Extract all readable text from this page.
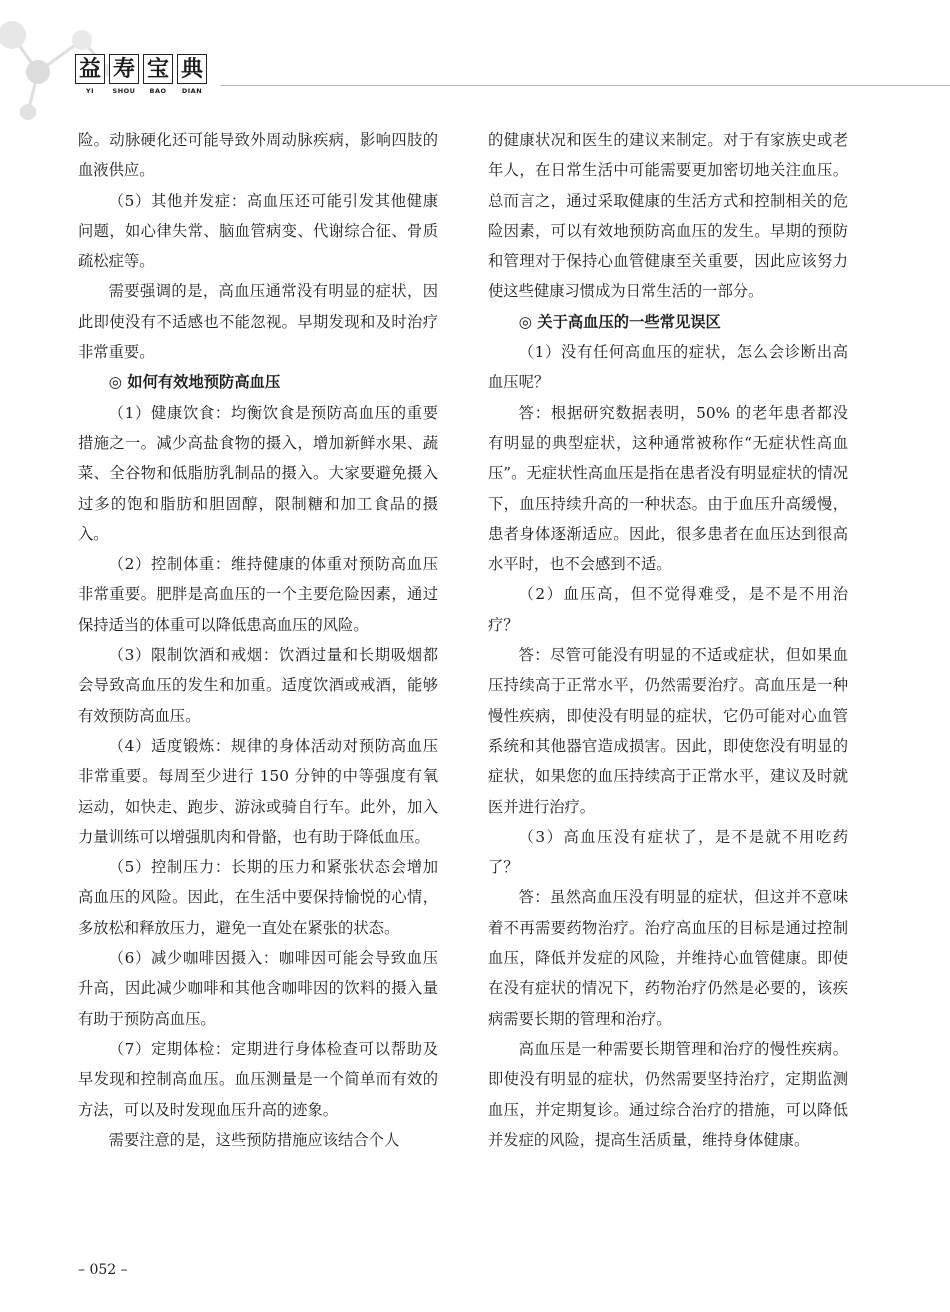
益 寿 宝 典
YI	SHOU	BAO	DIAN

险。动脉硬化还可能导致外周动脉疾病，影响四肢的血液供应。

（5）其他并发症：高血压还可能引发其他健康问题，如心律失常、脑血管病变、代谢综合征、骨质疏松症等。

需要强调的是，高血压通常没有明显的症状，因此即使没有不适感也不能忽视。早期发现和及时治疗非常重要。

◎ 如何有效地预防高血压

（1）健康饮食：均衡饮食是预防高血压的重要措施之一。减少高盐食物的摄入，增加新鲜水果、蔬菜、全谷物和低脂肪乳制品的摄入。大家要避免摄入过多的饱和脂肪和胆固醇，限制糖和加工食品的摄入。

（2）控制体重：维持健康的体重对预防高血压非常重要。肥胖是高血压的一个主要危险因素，通过保持适当的体重可以降低患高血压的风险。

（3）限制饮酒和戒烟：饮酒过量和长期吸烟都会导致高血压的发生和加重。适度饮酒或戒酒，能够有效预防高血压。

（4）适度锻炼：规律的身体活动对预防高血压非常重要。每周至少进行 150 分钟的中等强度有氧运动，如快走、跑步、游泳或骑自行车。此外，加入力量训练可以增强肌肉和骨骼，也有助于降低血压。

（5）控制压力：长期的压力和紧张状态会增加高血压的风险。因此，在生活中要保持愉悦的心情，多放松和释放压力，避免一直处在紧张的状态。

（6）减少咖啡因摄入：咖啡因可能会导致血压升高，因此减少咖啡和其他含咖啡因的饮料的摄入量有助于预防高血压。

（7）定期体检：定期进行身体检查可以帮助及早发现和控制高血压。血压测量是一个简单而有效的方法，可以及时发现血压升高的迹象。

需要注意的是，这些预防措施应该结合个人

的健康状况和医生的建议来制定。对于有家族史或老年人，在日常生活中可能需要更加密切地关注血压。总而言之，通过采取健康的生活方式和控制相关的危险因素，可以有效地预防高血压的发生。早期的预防和管理对于保持心血管健康至关重要，因此应该努力使这些健康习惯成为日常生活的一部分。

◎ 关于高血压的一些常见误区

（1）没有任何高血压的症状，怎么会诊断出高血压呢？

答：根据研究数据表明，50% 的老年患者都没有明显的典型症状，这种通常被称作“无症状性高血压”。无症状性高血压是指在患者没有明显症状的情况下，血压持续升高的一种状态。由于血压升高缓慢，患者身体逐渐适应。因此，很多患者在血压达到很高水平时，也不会感到不适。

（2）血压高，但不觉得难受，是不是不用治疗？

答：尽管可能没有明显的不适或症状，但如果血压持续高于正常水平，仍然需要治疗。高血压是一种慢性疾病，即使没有明显的症状，它仍可能对心血管系统和其他器官造成损害。因此，即使您没有明显的症状，如果您的血压持续高于正常水平，建议及时就医并进行治疗。

（3）高血压没有症状了，是不是就不用吃药了？

答：虽然高血压没有明显的症状，但这并不意味着不再需要药物治疗。治疗高血压的目标是通过控制血压，降低并发症的风险，并维持心血管健康。即使在没有症状的情况下，药物治疗仍然是必要的，该疾病需要长期的管理和治疗。

高血压是一种需要长期管理和治疗的慢性疾病。即使没有明显的症状，仍然需要坚持治疗，定期监测血压，并定期复诊。通过综合治疗的措施，可以降低并发症的风险，提高生活质量，维持身体健康。

– 052 –
